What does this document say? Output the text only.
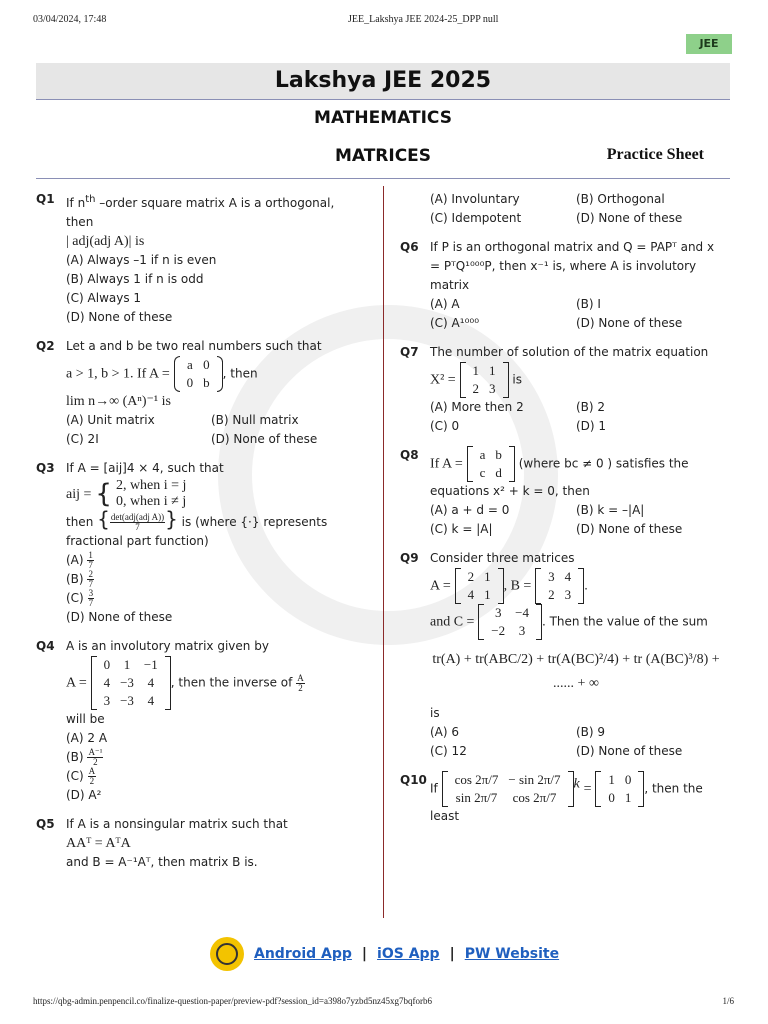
03/04/2024, 17:48	JEE_Lakshya JEE 2024-25_DPP null
JEE
Lakshya JEE 2025
MATHEMATICS
MATRICES	Practice Sheet
Q1 If $n^{th}$ –order square matrix A is a orthogonal, then
| adj(adj A)| is
(A) Always –1 if n is even
(B) Always 1 if n is odd
(C) Always 1
(D) None of these
Q2 Let a and b be two real numbers such that
a > 1, b > 1. If A =
a	0
0	b
, then
lim n→∞ (Aⁿ)⁻¹ is
(A) Unit matrix	(B) Null matrix
(C) 2I	(D) None of these
Q3 If A = [aij]4 × 4, such that
aij = { 2, when i = j
0, when i ≠ j
then { $\frac{\text{det(adj(adj A))}}{7}$ } is (where {·} represents fractional part function)
$(A) \frac{1}{7}$
$(B) \frac{2}{7}$
$(C) \frac{3}{7}$
(D) None of these
Q4 A is an involutory matrix given by
A =
0	1	−1
4	−3	4
3	−3	4
, then the inverse of $\frac{A}{2}$
will be
(A) 2 A
$(B) \frac{\text{A⁻¹}}{2}$
$(C) \frac{A}{2}$
(D) A²
Q5 If A is a nonsingular matrix such that
AAᵀ = AᵀA
and B = A⁻¹Aᵀ, then matrix B is.
(A) Involuntary	(B) Orthogonal
(C) Idempotent	(D) None of these
Q6 If P is an orthogonal matrix and Q = PAPᵀ and x = PᵀQ¹⁰⁰⁰P, then x⁻¹ is, where A is involutory matrix
(A) A	(B) I
(C) A¹⁰⁰⁰	(D) None of these
Q7 The number of solution of the matrix equation
X² =
1	1
2	3
is
(A) More then 2	(B) 2
(C) 0	(D) 1
Q8
If A =
a	b
c	d
(where bc ≠ 0 ) satisfies the equations x² + k = 0, then
(A) a + d = 0	(B) k = –|A|
(C) k = |A|	(D) None of these
Q9 Consider three matrices
A =
2	1
4	1
, B =
3	4
2	3
.
and C =
3	−4
−2	3
. Then the value of the sum
tr(A) + tr(ABC/2) + tr(A(BC)²/4) + tr (A(BC)³/8) + ...... + ∞
is
(A) 6	(B) 9
(C) 12	(D) None of these
Q10
If
cos 2π/7	− sin 2π/7
sin 2π/7	cos 2π/7
$^k$ =
1	0
0	1
, then the least
Android App | iOS App | PW Website
https://qbg-admin.penpencil.co/finalize-question-paper/preview-pdf?session_id=a398o7yzbd5nz45xg7bqforb6	1/6
